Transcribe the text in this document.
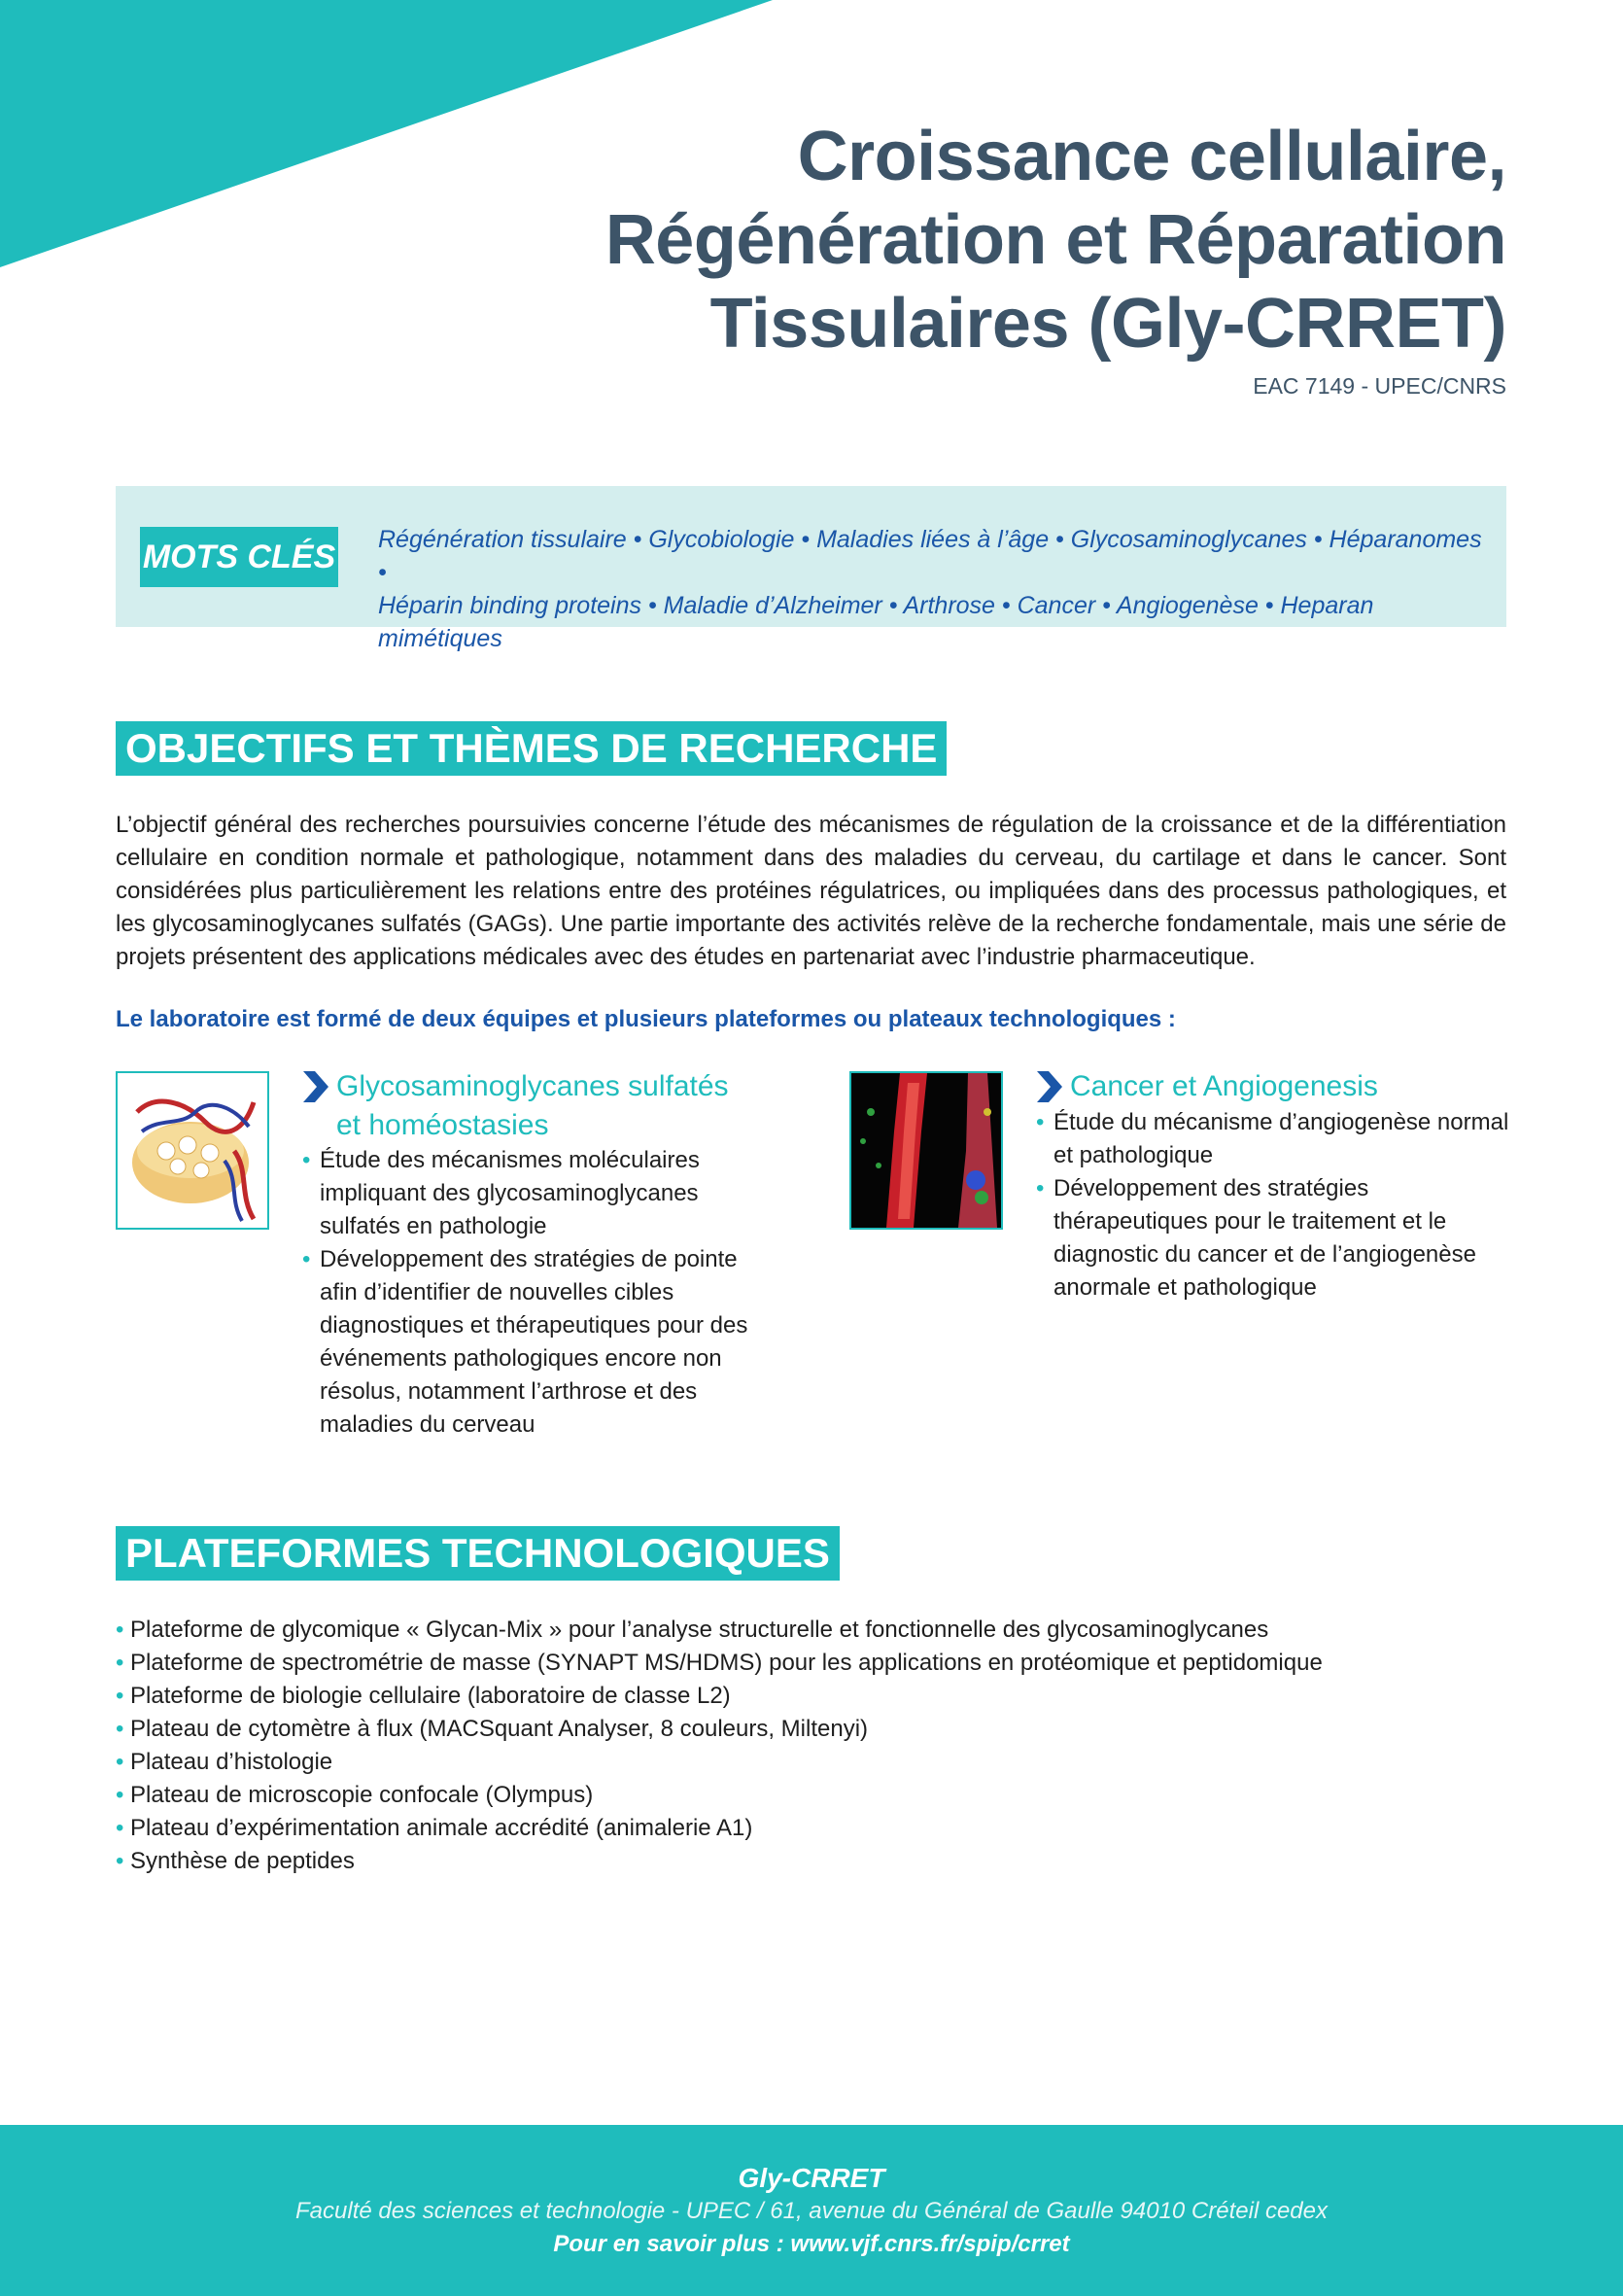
Croissance cellulaire,
Régénération et Réparation
Tissulaires (Gly-CRRET)
EAC 7149 - UPEC/CNRS
MOTS CLÉS Régénération tissulaire • Glycobiologie • Maladies liées à l’âge • Glycosaminoglycanes • Héparanomes •
Héparin binding proteins • Maladie d’Alzheimer • Arthrose • Cancer • Angiogenèse • Heparan mimétiques
OBJECTIFS ET THÈMES DE RECHERCHE
L’objectif général des recherches poursuivies concerne l’étude des mécanismes de régulation de la croissance et de la différentiation cellulaire en condition normale et pathologique, notamment dans des maladies du cerveau, du cartilage et dans le cancer. Sont considérées plus particulièrement les relations entre des protéines régulatrices, ou impliquées dans des processus pathologiques, et les glycosaminoglycanes sulfatés (GAGs). Une partie importante des activités relève de la recherche fondamentale, mais une série de projets présentent des applications médicales avec des études en partenariat avec l’industrie pharmaceutique.
Le laboratoire est formé de deux équipes et plusieurs plateformes ou plateaux technologiques :
Glycosaminoglycanes sulfatés
et homéostasies
• Étude des mécanismes moléculaires impliquant des glycosaminoglycanes sulfatés en pathologie
• Développement des stratégies de pointe afin d’identifier de nouvelles cibles diagnostiques et thérapeutiques pour des événements pathologiques encore non résolus, notamment l’arthrose et des maladies du cerveau
Cancer et Angiogenesis
• Étude du mécanisme d’angiogenèse normal et pathologique
• Développement des stratégies thérapeutiques pour le traitement et le diagnostic du cancer et de l’angiogenèse anormale et pathologique
PLATEFORMES TECHNOLOGIQUES
• Plateforme de glycomique « Glycan-Mix » pour l’analyse structurelle et fonctionnelle des glycosaminoglycanes
• Plateforme de spectrométrie de masse (SYNAPT MS/HDMS) pour les applications en protéomique et peptidomique
• Plateforme de biologie cellulaire (laboratoire de classe L2)
• Plateau de cytomètre à flux (MACSquant Analyser, 8 couleurs, Miltenyi)
• Plateau d’histologie
• Plateau de microscopie confocale (Olympus)
• Plateau d’expérimentation animale accrédité (animalerie A1)
• Synthèse de peptides
Gly-CRRET
Faculté des sciences et technologie - UPEC / 61, avenue du Général de Gaulle 94010 Créteil cedex
Pour en savoir plus : www.vjf.cnrs.fr/spip/crret
